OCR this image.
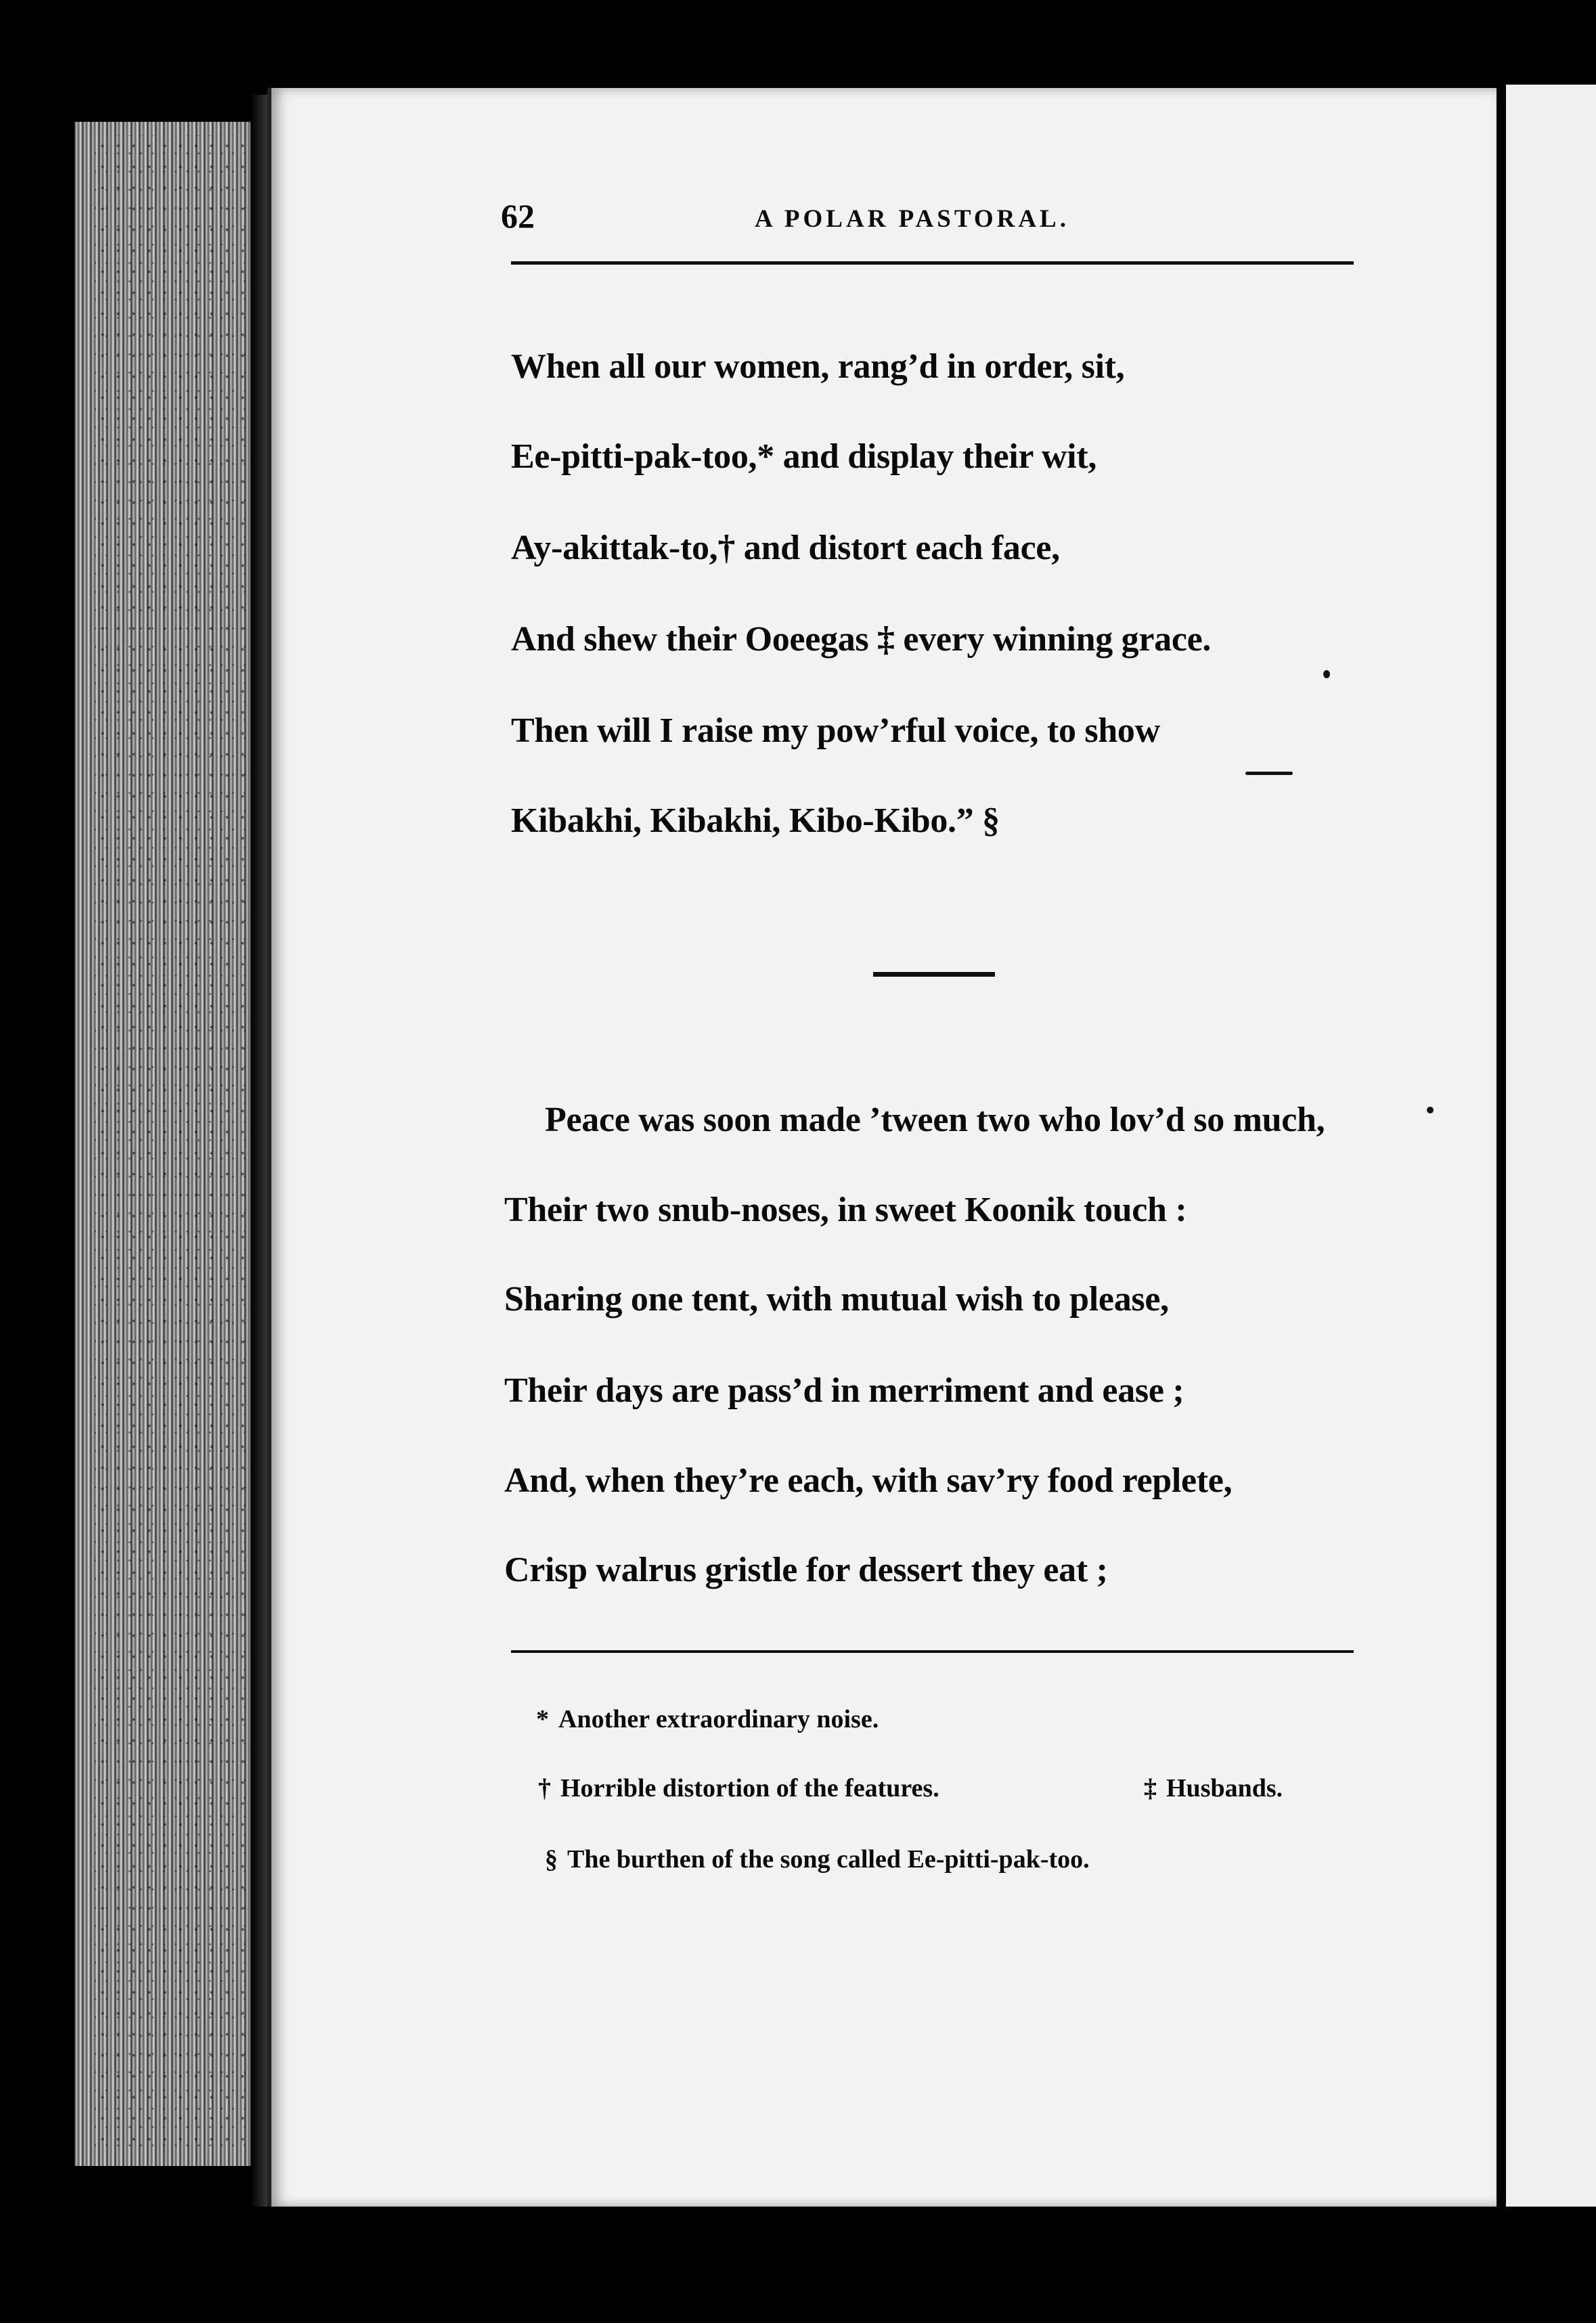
62	A POLAR PASTORAL.
When all our women, rang’d in order, sit,
Ee-pitti-pak-too,* and display their wit,
Ay-akittak-to,† and distort each face,
And shew their Ooeegas ‡ every winning grace.
Then will I raise my pow’rful voice, to show
Kibakhi, Kibakhi, Kibo-Kibo.” §
Peace was soon made ’tween two who lov’d so much,
Their two snub-noses, in sweet Koonik touch :
Sharing one tent, with mutual wish to please,
Their days are pass’d in merriment and ease ;
And, when they’re each, with sav’ry food replete,
Crisp walrus gristle for dessert they eat ;
* Another extraordinary noise.
† Horrible distortion of the features.	‡ Husbands.
§ The burthen of the song called Ee-pitti-pak-too.
